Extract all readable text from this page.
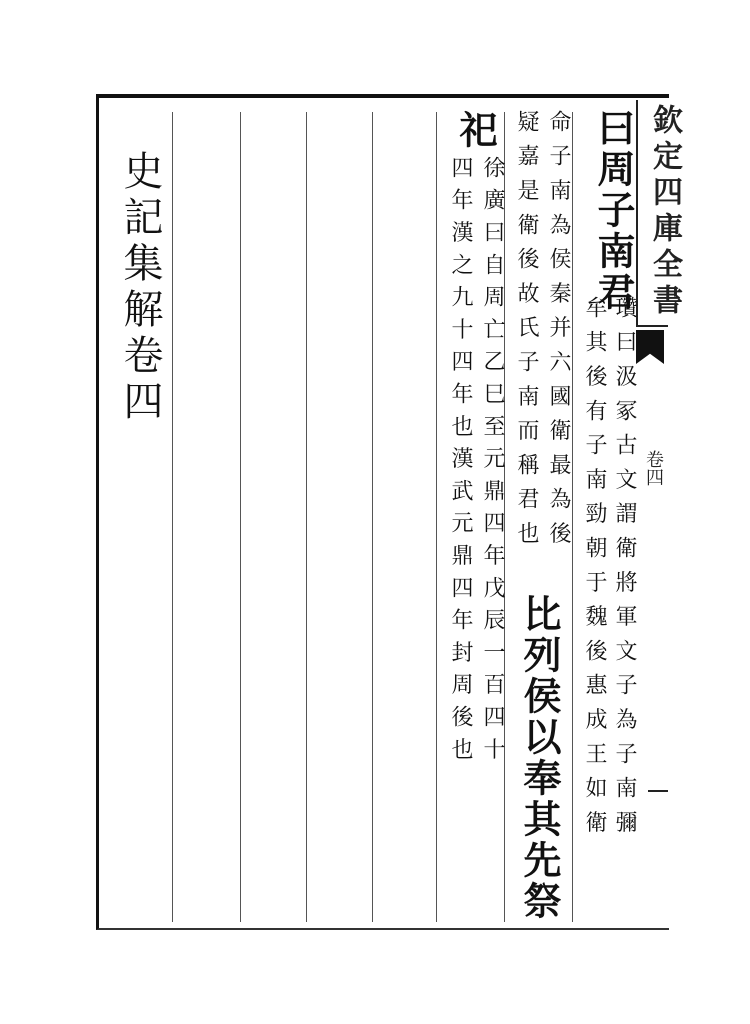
欽定四庫全書
卷四
曰周子南君
瓚曰汲冢古文謂衛將軍文子為子南彌
牟其後有子南勁朝于魏後惠成王如衛
命子南為侯秦并六國衛最為後
疑嘉是衛後故氏子南而稱君也
比列侯以奉其先祭
祀
徐廣曰自周亡乙巳至元鼎四年戊辰一百四十
四年漢之九十四年也漢武元鼎四年封周後也
史記集解卷四
